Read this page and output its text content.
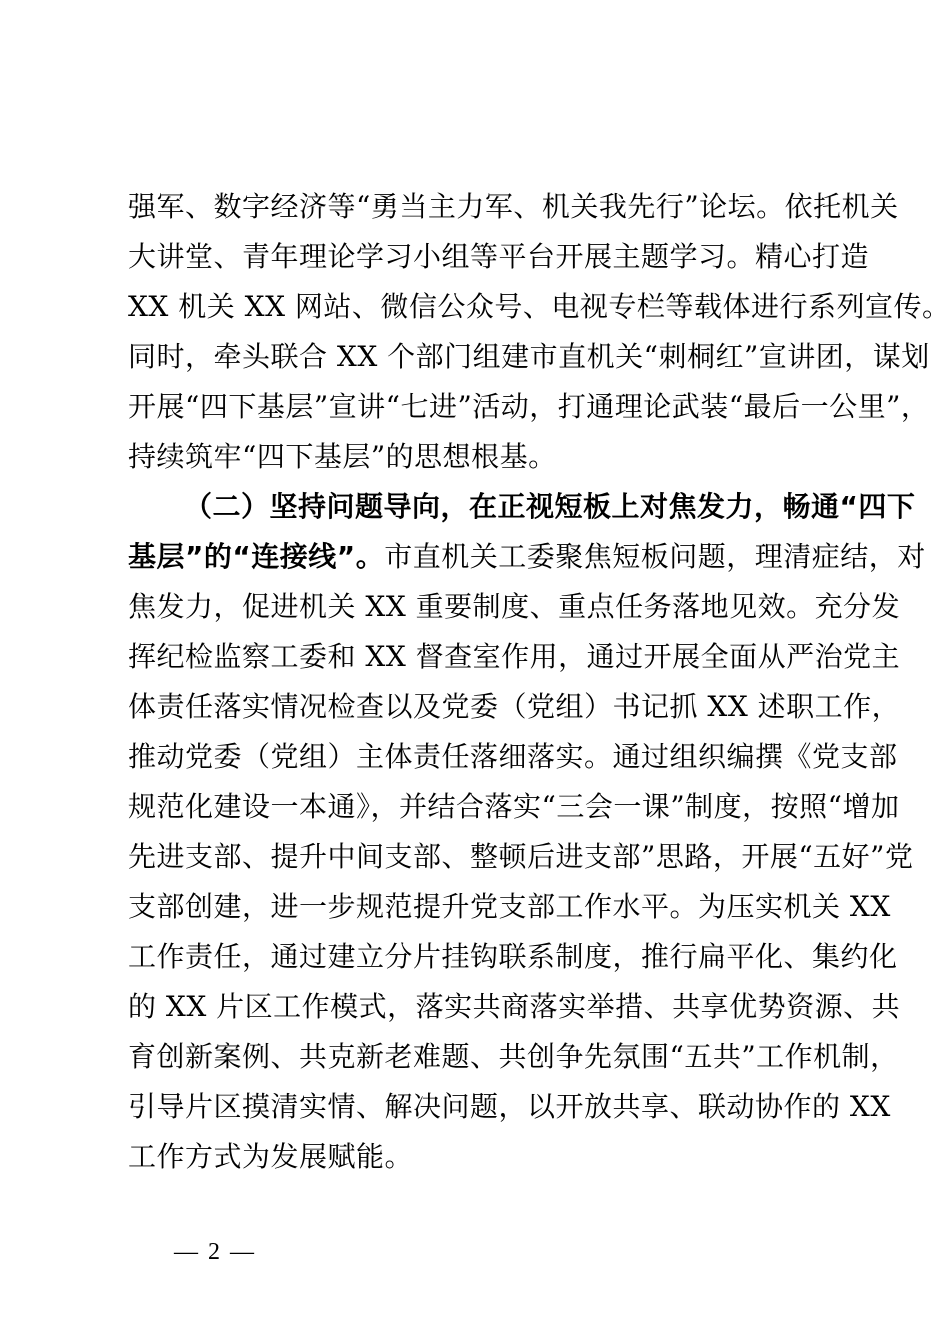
强军、数字经济等“勇当主力军、机关我先行”论坛。依托机关
大讲堂、青年理论学习小组等平台开展主题学习。精心打造
XX 机关 XX 网站、微信公众号、电视专栏等载体进行系列宣传。
同时，牵头联合 XX 个部门组建市直机关“刺桐红”宣讲团，谋划
开展“四下基层”宣讲“七进”活动，打通理论武装“最后一公里”，
持续筑牢“四下基层”的思想根基。
（二）坚持问题导向，在正视短板上对焦发力，畅通“四下
基层”的“连接线”。市直机关工委聚焦短板问题，理清症结，对
焦发力，促进机关 XX 重要制度、重点任务落地见效。充分发
挥纪检监察工委和 XX 督查室作用，通过开展全面从严治党主
体责任落实情况检查以及党委（党组）书记抓 XX 述职工作，
推动党委（党组）主体责任落细落实。通过组织编撰《党支部
规范化建设一本通》，并结合落实“三会一课”制度，按照“增加
先进支部、提升中间支部、整顿后进支部”思路，开展“五好”党
支部创建，进一步规范提升党支部工作水平。为压实机关 XX
工作责任，通过建立分片挂钩联系制度，推行扁平化、集约化
的 XX 片区工作模式，落实共商落实举措、共享优势资源、共
育创新案例、共克新老难题、共创争先氛围“五共”工作机制，
引导片区摸清实情、解决问题，以开放共享、联动协作的 XX
工作方式为发展赋能。
— 2 —
